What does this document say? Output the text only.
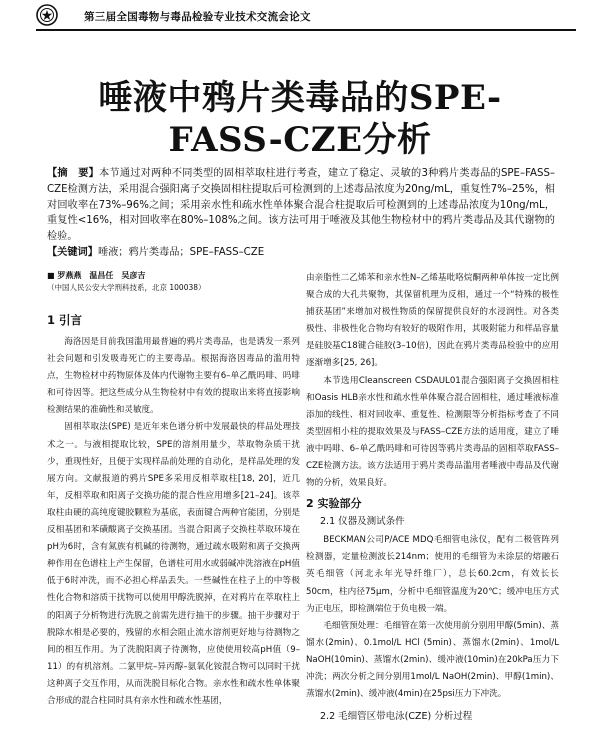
第三届全国毒物与毒品检验专业技术交流会论文
唾液中鸦片类毒品的SPE-
FASS-CZE分析
【摘　要】本节通过对两种不同类型的固相萃取柱进行考查，建立了稳定、灵敏的3种鸦片类毒品的SPE–FASS–CZE检测方法，采用混合强阳离子交换固相柱提取后可检测到的上述毒品浓度为20ng/mL，重复性7%–25%，相对回收率在73%–96%之间；采用亲水性和疏水性单体聚合混合柱提取后可检测到的上述毒品浓度为10ng/mL，重复性<16%，相对回收率在80%–108%之间。该方法可用于唾液及其他生物检材中的鸦片类毒品及其代谢物的检验。
【关键词】唾液；鸦片类毒品；SPE–FASS–CZE

■ 罗燕燕　温昌任　吴彦吉

（中国人民公安大学刑科技系，北京 100038）

1 引言

海洛因是目前我国滥用最普遍的鸦片类毒品，也是诱发一系列社会问题和引发吸毒死亡的主要毒品。根据海洛因毒品的滥用特点，生物检材中药物原体及体内代谢物主要有6–单乙酰吗啡、吗啡和可待因等。把这些成分从生物检材中有效的提取出来将直接影响检测结果的准确性和灵敏度。

固相萃取法(SPE) 是近年来色谱分析中发展最快的样品处理技术之一。与液相提取比较，SPE的溶剂用量少，萃取物杂质干扰少，重现性好，且便于实现样品前处理的自动化，是样品处理的发展方向。文献报道的鸦片SPE多采用反相萃取柱[18, 20]，近几年，反相萃取和阳离子交换功能的混合性应用增多[21–24]。该萃取柱由硬的高纯度键胶颗粒为基底，表面键合两种官能团，分别是反相基团和苯磺酸离子交换基团。当混合阳离子交换柱萃取环境在pH为6时，含有氮族有机碱的待测物，通过疏水吸附和离子交换两种作用在色谱柱上产生保留，色谱柱可用水或弱碱冲洗溶液在pH值低于6时冲洗，而不必担心样品丢失。一些碱性在柱子上的中等极性化合物和溶质干扰物可以使用甲醇洗脱掉，在对鸦片在萃取柱上的阳离子分析物进行洗脱之前需先进行抽干的步骤。抽干步骤对于脱除水相是必要的，残留的水相会阻止流水溶剂更好地与待测物之间的相互作用。为了洗脱阳离子待测物，应使使用较高pH值（9–11）的有机溶剂。二氯甲烷–异丙醇–氨氧化铵混合物可以同时干扰这种离子交互作用，从而洗脱目标化合物。亲水性和疏水性单体聚合形成的混合柱同时具有亲水性和疏水性基团，

由亲脂性二乙烯苯和亲水性N–乙烯基吡咯烷酮两种单体按一定比例聚合成的大孔共聚物，其保留机理为反相，通过一个“特殊的极性捕获基团”来增加对极性物质的保留提供良好的水浸润性。对各类极性、非极性化合物均有较好的吸附作用，其吸附能力和样品容量是硅胶基C18键合硅胶(3–10倍)，因此在鸦片类毒品检验中的应用逐渐增多[25, 26]。

本节选用Cleanscreen CSDAUL01混合强阳离子交换固相柱和Oasis HLB亲水性和疏水性单体聚合混合固相柱，通过唾液标准添加的线性、相对回收率、重复性、检测限等分析指标考查了不同类型固相小柱的提取效果及与FASS–CZE方法的适用度，建立了唾液中吗啡、6–单乙酰吗啡和可待因等鸦片类毒品的固相萃取FASS–CZE检测方法。该方法适用于鸦片类毒品滥用者唾液中毒品及代谢物的分析，效果良好。

2 实验部分
2.1 仪器及测试条件

BECKMAN公司P/ACE MDQ毛细管电泳仪，配有二极管阵列检测器，定量检测波长214nm；使用的毛细管为未涂层的熔融石英毛细管（河北永年光导纤维厂），总长60.2cm，有效长长50cm，柱内径75μm，分析中毛细管温度为20℃；缓冲电压方式为正电压，即检测端位于负电极一端。

毛细管预处理：毛细管在第一次使用前分别用甲醇(5min)、蒸馏水(2min)、0.1mol/L HCl (5min)、蒸馏水(2min)、1mol/L NaOH(10min)、蒸馏水(2min)、缓冲液(10min)在20kPa压力下冲洗；两次分析之间分别用1mol/L NaOH(2min)、甲醇(1min)、蒸馏水(2min)、缓冲液(4min)在25psi压力下冲洗。

2.2 毛细管区带电泳(CZE) 分析过程
